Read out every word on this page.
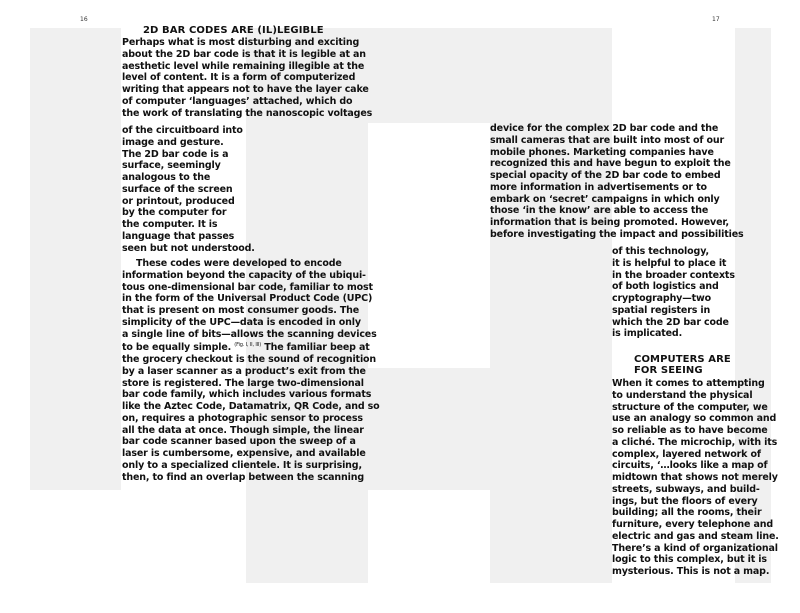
16	17
2D BAR CODES ARE (IL)LEGIBLE
Perhaps what is most disturbing and exciting
about the 2D bar code is that it is legible at an
aesthetic level while remaining illegible at the
level of content. It is a form of computerized
writing that appears not to have the layer cake
of computer ‘languages’ attached, which do
the work of translating the nanoscopic voltages
of the circuitboard into
image and gesture.
The 2D bar code is a
surface, seemingly
analogous to the
surface of the screen
or printout, produced
by the computer for
the computer. It is
language that passes
seen but not understood.
These codes were developed to encode
information beyond the capacity of the ubiqui-
tous one-dimensional bar code, familiar to most
in the form of the Universal Product Code (UPC)
that is present on most consumer goods. The
simplicity of the UPC—data is encoded in only
a single line of bits—allows the scanning devices
to be equally simple. $^{(Fig. I, II, III)}$ The familiar beep at
the grocery checkout is the sound of recognition
by a laser scanner as a product’s exit from the
store is registered. The large two-dimensional
bar code family, which includes various formats
like the Aztec Code, Datamatrix, QR Code, and so
on, requires a photographic sensor to process
all the data at once. Though simple, the linear
bar code scanner based upon the sweep of a
laser is cumbersome, expensive, and available
only to a specialized clientele. It is surprising,
then, to find an overlap between the scanning
device for the complex 2D bar code and the
small cameras that are built into most of our
mobile phones. Marketing companies have
recognized this and have begun to exploit the
special opacity of the 2D bar code to embed
more information in advertisements or to
embark on ‘secret’ campaigns in which only
those ‘in the know’ are able to access the
information that is being promoted. However,
before investigating the impact and possibilities
of this technology,
it is helpful to place it
in the broader contexts
of both logistics and
cryptography—two
spatial registers in
which the 2D bar code
is implicated.
COMPUTERS ARE
FOR SEEING
When it comes to attempting
to understand the physical
structure of the computer, we
use an analogy so common and
so reliable as to have become
a cliché. The microchip, with its
complex, layered network of
circuits, ‘…looks like a map of
midtown that shows not merely
streets, subways, and build-
ings, but the floors of every
building; all the rooms, their
furniture, every telephone and
electric and gas and steam line.
There’s a kind of organizational
logic to this complex, but it is
mysterious. This is not a map.
